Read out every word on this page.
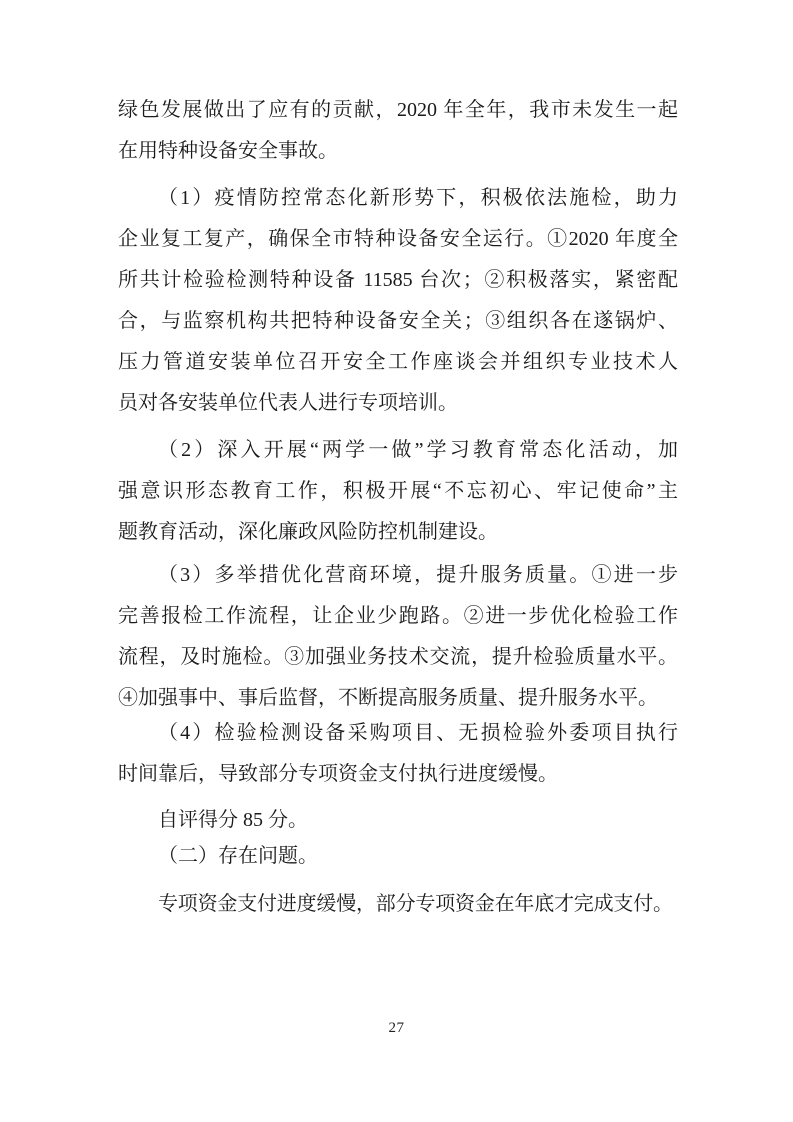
绿色发展做出了应有的贡献，2020 年全年，我市未发生一起
在用特种设备安全事故。
（1）疫情防控常态化新形势下，积极依法施检，助力
企业复工复产，确保全市特种设备安全运行。①2020 年度全
所共计检验检测特种设备 11585 台次；②积极落实，紧密配
合，与监察机构共把特种设备安全关；③组织各在遂锅炉、
压力管道安装单位召开安全工作座谈会并组织专业技术人
员对各安装单位代表人进行专项培训。
（2）深入开展“两学一做”学习教育常态化活动，加
强意识形态教育工作，积极开展“不忘初心、牢记使命”主
题教育活动，深化廉政风险防控机制建设。
（3）多举措优化营商环境，提升服务质量。①进一步
完善报检工作流程，让企业少跑路。②进一步优化检验工作
流程，及时施检。③加强业务技术交流，提升检验质量水平。
④加强事中、事后监督，不断提高服务质量、提升服务水平。
（4）检验检测设备采购项目、无损检验外委项目执行
时间靠后，导致部分专项资金支付执行进度缓慢。
自评得分 85 分。
（二）存在问题。
专项资金支付进度缓慢，部分专项资金在年底才完成支付。
27
